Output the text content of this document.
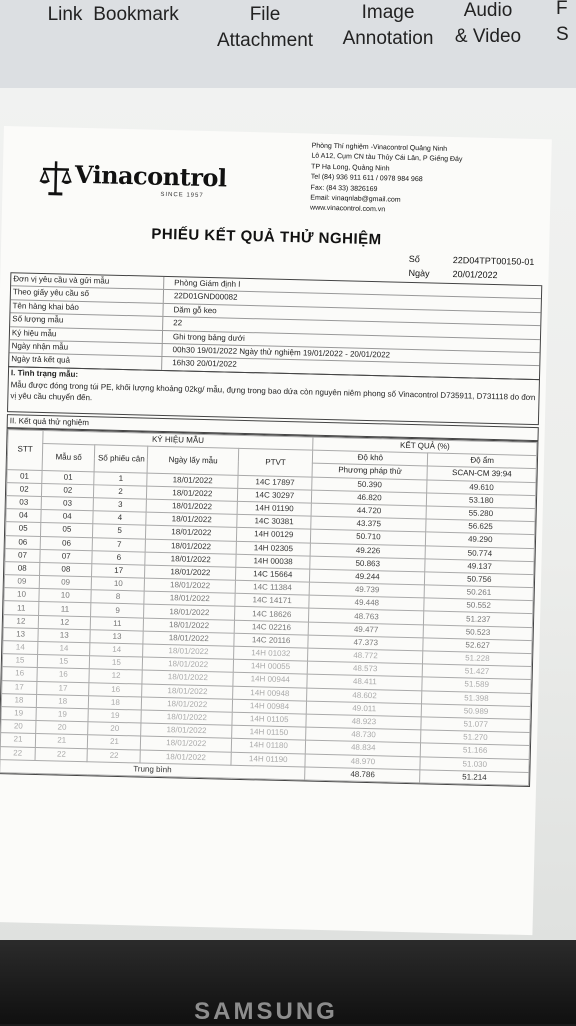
Link Bookmark	File
Attachment
Image
Annotation
Audio
& Video
F
S
Vinacontrol
SINCE 1957
Phòng Thí nghiệm -Vinacontrol Quảng Ninh
Lô A12, Cụm CN tàu Thủy Cái Lân, P Giếng Đáy
TP Hạ Long, Quảng Ninh
Tel (84) 936 911 611 / 0978 984 968
Fax: (84 33) 3826169
Email: vinaqnlab@gmail.com
www.vinacontrol.com.vn
PHIẾU KẾT QUẢ THỬ NGHIỆM
Số	22D04TPT00150-01
Ngày	20/01/2022
Đơn vị yêu cầu và gửi mẫu	Phòng Giám định I
Theo giấy yêu cầu số	22D01GND00082
Tên hàng khai báo	Dăm gỗ keo
Số lượng mẫu	22
Ký hiệu mẫu	Ghi trong bảng dưới
Ngày nhận mẫu	00h30 19/01/2022 Ngày thử nghiệm 19/01/2022 - 20/01/2022
Ngày trả kết quả	16h30 20/01/2022
I. Tình trạng mẫu:
Mẫu được đóng trong túi PE, khối lượng khoảng 02kg/ mẫu, đựng trong bao dứa còn nguyên niêm phong số Vinacontrol D735911, D731118 do đơn vị yêu cầu chuyển đến.
II. Kết quả thử nghiệm
STT	KÝ HIỆU MẪU				KẾT QUẢ (%)	
	Mẫu số	Số phiếu cân	Ngày lấy mẫu	PTVT	Độ khô	Độ ẩm
					Phương pháp thử	SCAN-CM 39:94
01	01	1	18/01/2022	14C 17897	50.390	49.610
02	02	2	18/01/2022	14C 30297	46.820	53.180
03	03	3	18/01/2022	14H 01190	44.720	55.280
04	04	4	18/01/2022	14C 30381	43.375	56.625
05	05	5	18/01/2022	14H 00129	50.710	49.290
06	06	7	18/01/2022	14H 02305	49.226	50.774
07	07	6	18/01/2022	14H 00038	50.863	49.137
08	08	17	18/01/2022	14C 15664	49.244	50.756
09	09	10	18/01/2022	14C 11384	49.739	50.261
10	10	8	18/01/2022	14C 14171	49.448	50.552
11	11	9	18/01/2022	14C 18626	48.763	51.237
12	12	11	18/01/2022	14C 02216	49.477	50.523
13	13	13	18/01/2022	14C 20116	47.373	52.627
14	14	14	18/01/2022	14H 01032	48.772	51.228
15	15	15	18/01/2022	14H 00055	48.573	51.427
16	16	12	18/01/2022	14H 00944	48.411	51.589
17	17	16	18/01/2022	14H 00948	48.602	51.398
18	18	18	18/01/2022	14H 00984	49.011	50.989
19	19	19	18/01/2022	14H 01105	48.923	51.077
20	20	20	18/01/2022	14H 01150	48.730	51.270
21	21	21	18/01/2022	14H 01180	48.834	51.166
22	22	22	18/01/2022	14H 01190	48.970	51.030
Trung bình					48.786	51.214
SAMSUNG
